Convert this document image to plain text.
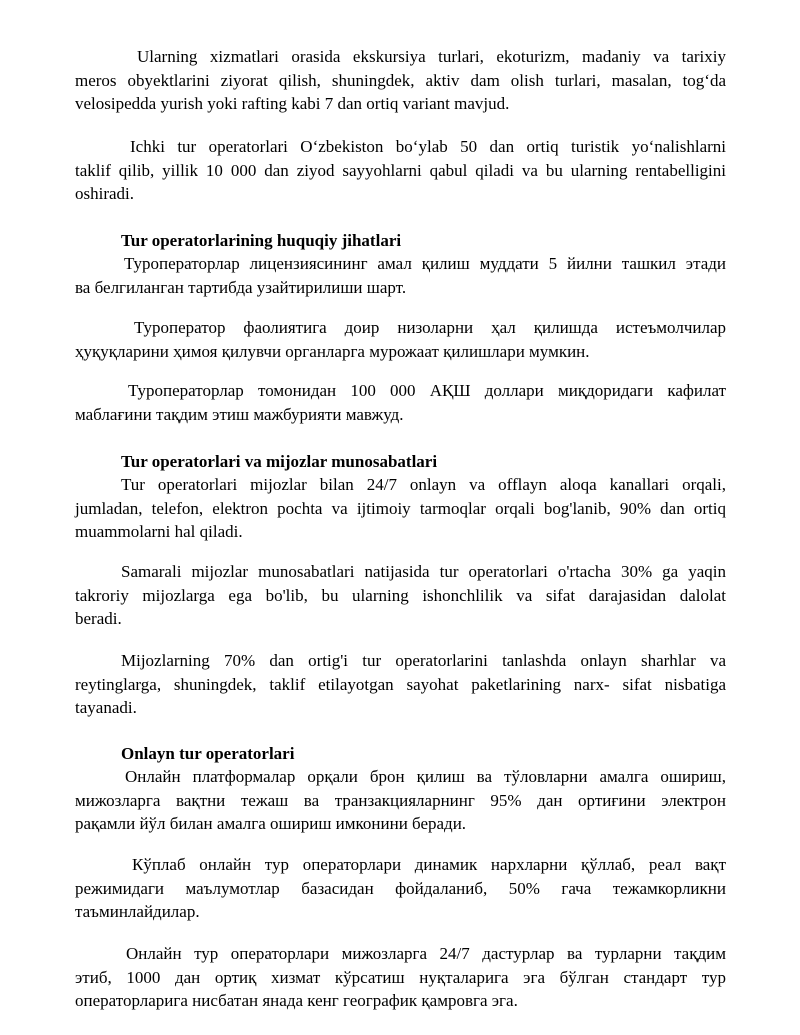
Ularning xizmatlari orasida ekskursiya turlari, ekoturizm, madaniy va tarixiy
meros obyektlarini ziyorat qilish, shuningdek, aktiv dam olish turlari, masalan, tog‘da
velosipedda yurish yoki rafting kabi 7 dan ortiq variant mavjud.
Ichki tur operatorlari O‘zbekiston bo‘ylab 50 dan ortiq turistik yo‘nalishlarni
taklif qilib, yillik 10 000 dan ziyod sayyohlarni qabul qiladi va bu ularning rentabelligini
oshiradi.
Tur operatorlarining huquqiy jihatlari
Туроператорлар лицензиясининг амал қилиш муддати 5 йилни ташкил этади
ва белгиланган тартибда узайтирилиши шарт.
Туроператор фаолиятига доир низоларни ҳал қилишда истеъмолчилар
ҳуқуқларини ҳимоя қилувчи органларга мурожаат қилишлари мумкин.
Туроператорлар томонидан 100 000 АҚШ доллари миқдоридаги кафилат
маблағини тақдим этиш мажбурияти мавжуд.
Tur operatorlari va mijozlar munosabatlari
Tur operatorlari mijozlar bilan 24/7 onlayn va offlayn aloqa kanallari orqali,
jumladan, telefon, elektron pochta va ijtimoiy tarmoqlar orqali bog'lanib, 90% dan ortiq
muammolarni hal qiladi.
Samarali mijozlar munosabatlari natijasida tur operatorlari o'rtacha 30% ga yaqin
takroriy mijozlarga ega bo'lib, bu ularning ishonchlilik va sifat darajasidan dalolat
beradi.
Mijozlarning 70% dan ortig'i tur operatorlarini tanlashda onlayn sharhlar va
reytinglarga, shuningdek, taklif etilayotgan sayohat paketlarining narx- sifat nisbatiga
tayanadi.
Onlayn tur operatorlari
Онлайн платформалар орқали брон қилиш ва тўловларни амалга ошириш,
мижозларга вақтни тежаш ва транзакцияларнинг 95% дан ортиғини электрон
рақамли йўл билан амалга ошириш имконини беради.
Кўплаб онлайн тур операторлари динамик нархларни қўллаб, реал вақт
режимидаги маълумотлар базасидан фойдаланиб, 50% гача тежамкорликни
таъминлайдилар.
Онлайн тур операторлари мижозларга 24/7 дастурлар ва турларни тақдим
этиб, 1000 дан ортиқ хизмат кўрсатиш нуқталарига эга бўлган стандарт тур
операторларига нисбатан янада кенг географик қамровга эга.
